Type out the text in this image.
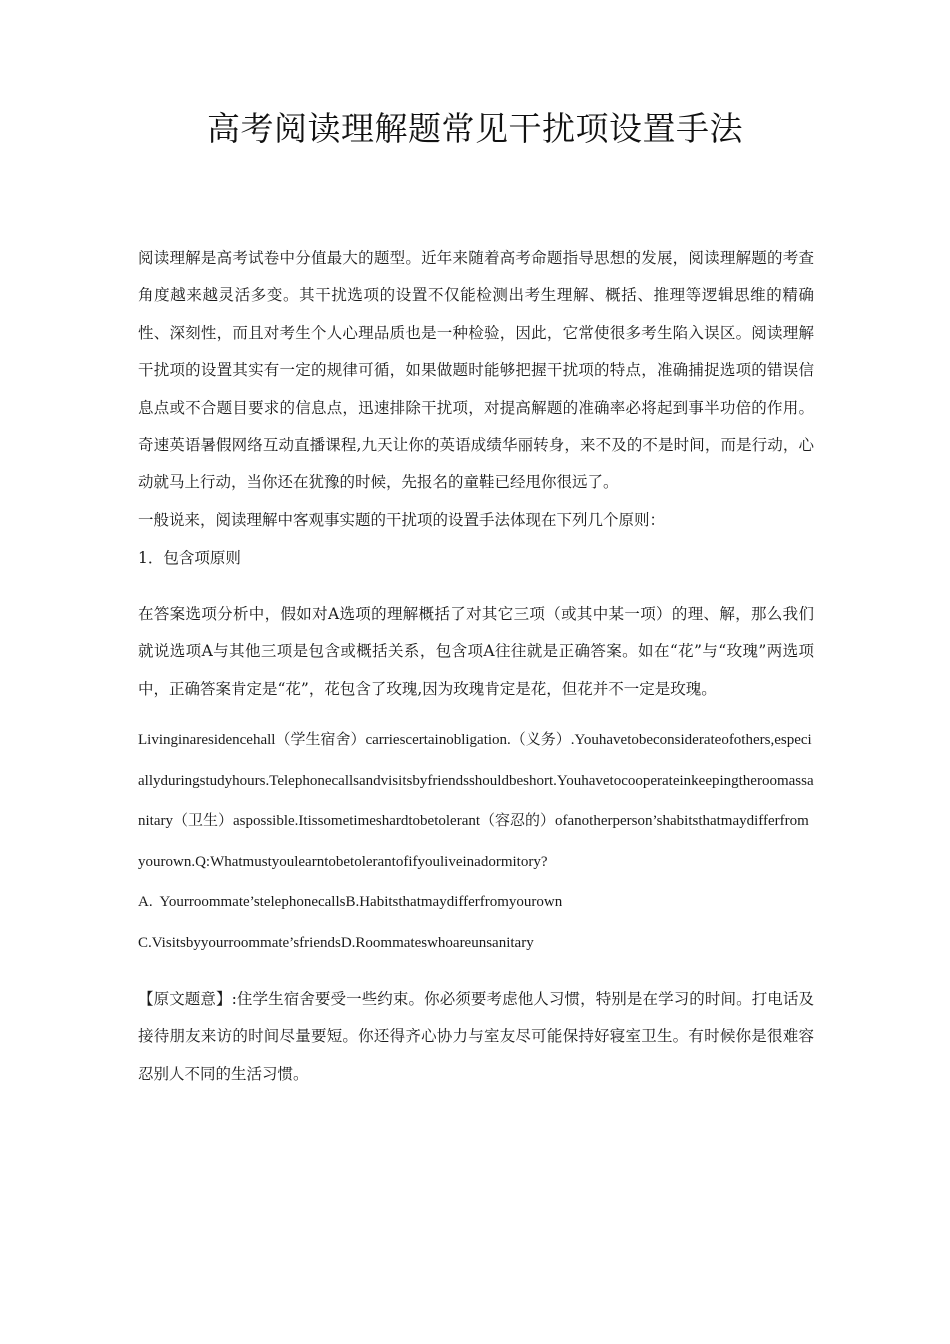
高考阅读理解题常见干扰项设置手法

阅读理解是高考试卷中分值最大的题型。近年来随着高考命题指导思想的发展，阅读理解题的考查角度越来越灵活多变。其干扰选项的设置不仅能检测出考生理解、概括、推理等逻辑思维的精确性、深刻性，而且对考生个人心理品质也是一种检验，因此，它常使很多考生陷入误区。阅读理解干扰项的设置其实有一定的规律可循，如果做题时能够把握干扰项的特点，准确捕捉选项的错误信息点或不合题目要求的信息点，迅速排除干扰项，对提高解题的准确率必将起到事半功倍的作用。奇速英语暑假网络互动直播课程,九天让你的英语成绩华丽转身，来不及的不是时间，而是行动，心动就马上行动，当你还在犹豫的时候，先报名的童鞋已经甩你很远了。

一般说来，阅读理解中客观事实题的干扰项的设置手法体现在下列几个原则：

1．包含项原则

在答案选项分析中，假如对A选项的理解概括了对其它三项（或其中某一项）的理、解，那么我们就说选项A与其他三项是包含或概括关系，包含项A往往就是正确答案。如在“花”与“玫瑰”两选项中，正确答案肯定是“花”，花包含了玫瑰,因为玫瑰肯定是花，但花并不一定是玫瑰。

Livinginaresidencehall（学生宿舍）carriescertainobligation.（义务）.Youhavetobeconsiderateofothers,especiallyduringstudyhours.Telephonecallsandvisitsbyfriendsshouldbeshort.Youhavetocooperateinkeepingtheroomassanitary（卫生）aspossible.Itissometimeshardtobetolerant（容忍的）ofanotherperson’shabitsthatmaydifferfromyourown.Q:Whatmustyoulearntobetolerantofifyouliveinadormitory?

A.  Yourroommate’stelephonecallsB.Habitsthatmaydifferfromyourown

C.Visitsbyyourroommate’sfriendsD.Roommateswhoareunsanitary

【原文题意】:住学生宿舍要受一些约束。你必须要考虑他人习惯，特别是在学习的时间。打电话及接待朋友来访的时间尽量要短。你还得齐心协力与室友尽可能保持好寝室卫生。有时候你是很难容忍别人不同的生活习惯。
